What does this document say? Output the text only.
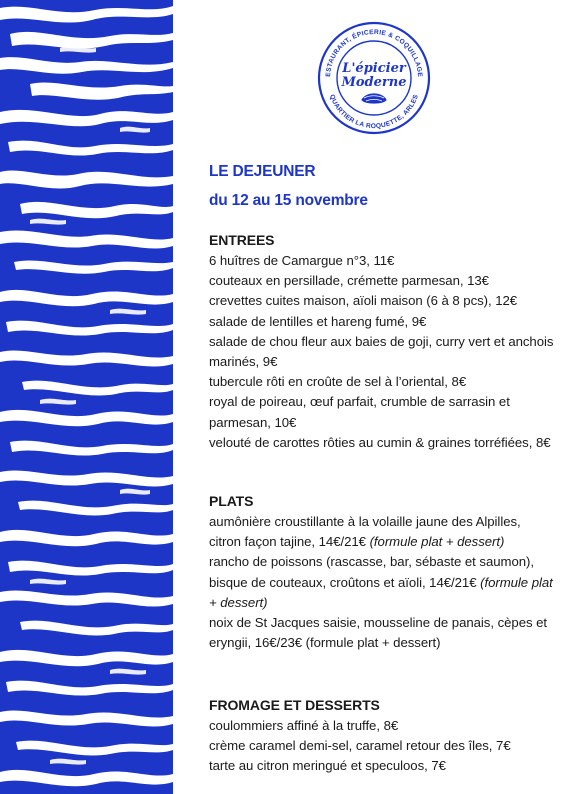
ESTAURANT, ÉPICERIE & COQUILLAGE
QUARTIER LA ROQUETTE, ARLES
L'épicier
Moderne
LE DEJEUNER
du 12 au 15 novembre
ENTREES
6 huîtres de Camargue n°3, 11€
couteaux en persillade, crémette parmesan, 13€
crevettes cuites maison, aïoli maison (6 à 8 pcs), 12€
salade de lentilles et hareng fumé, 9€
salade de chou fleur aux baies de goji, curry vert et anchois marinés, 9€
tubercule rôti en croûte de sel à l’oriental, 8€
royal de poireau, œuf parfait, crumble de sarrasin et parmesan, 10€
velouté de carottes rôties au cumin & graines torréfiées, 8€
PLATS
aumônière croustillante à la volaille jaune des Alpilles, citron façon tajine, 14€/21€ (formule plat + dessert)
rancho de poissons (rascasse, bar, sébaste et saumon), bisque de couteaux, croûtons et aïoli, 14€/21€ (formule plat + dessert)
noix de St Jacques saisie, mousseline de panais, cèpes et eryngii, 16€/23€ (formule plat + dessert)
FROMAGE ET DESSERTS
coulommiers affiné à la truffe, 8€
crème caramel demi-sel, caramel retour des îles, 7€
tarte au citron meringué et speculoos, 7€
